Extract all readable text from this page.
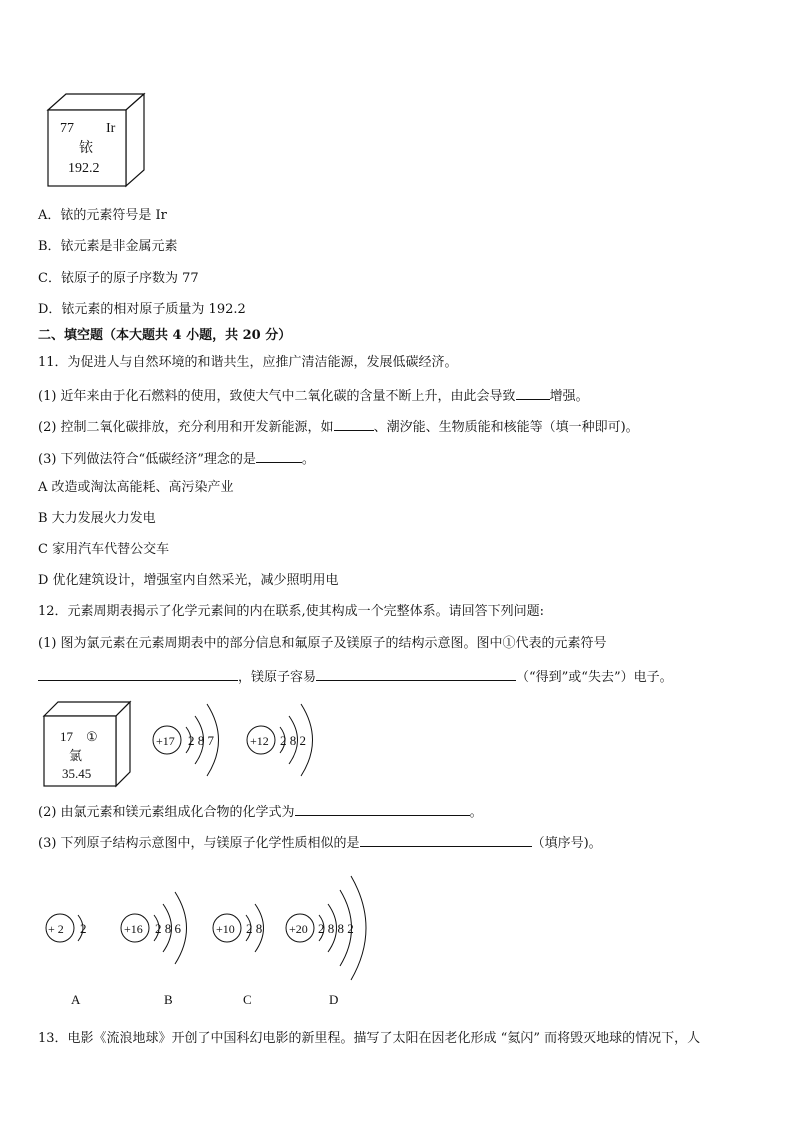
77 Ir
铱
192.2
A．铱的元素符号是 Ir
B．铱元素是非金属元素
C．铱原子的原子序数为 77
D．铱元素的相对原子质量为 192.2
二、填空题（本大题共 4 小题，共 20 分）
11．为促进人与自然环境的和谐共生，应推广清洁能源，发展低碳经济。
(1) 近年来由于化石燃料的使用，致使大气中二氧化碳的含量不断上升，由此会导致	增强。
(2) 控制二氧化碳排放，充分利用和开发新能源，如	、潮汐能、生物质能和核能等（填一种即可)。
(3) 下列做法符合“低碳经济”理念的是	。
A 改造或淘汰高能耗、高污染产业
B 大力发展火力发电
C 家用汽车代替公交车
D 优化建筑设计，增强室内自然采光，减少照明用电
12．元素周期表揭示了化学元素间的内在联系,使其构成一个完整体系。请回答下列问题:
(1) 图为氯元素在元素周期表中的部分信息和氟原子及镁原子的结构示意图。图中①代表的元素符号
，镁原子容易	（“得到”或“失去”）电子。
17 ①
氯
35.45
+17 2 8 7	+12 2 8 2
(2) 由氯元素和镁元素组成化合物的化学式为	。
(3) 下列原子结构示意图中，与镁原子化学性质相似的是	（填序号)。
+ 2 2
A
+16 2 8 6
B
+10 2 8
C
+20 2 8 8 2
D
13．电影《流浪地球》开创了中国科幻电影的新里程。描写了太阳在因老化形成 “氦闪” 而将毁灭地球的情况下，人
